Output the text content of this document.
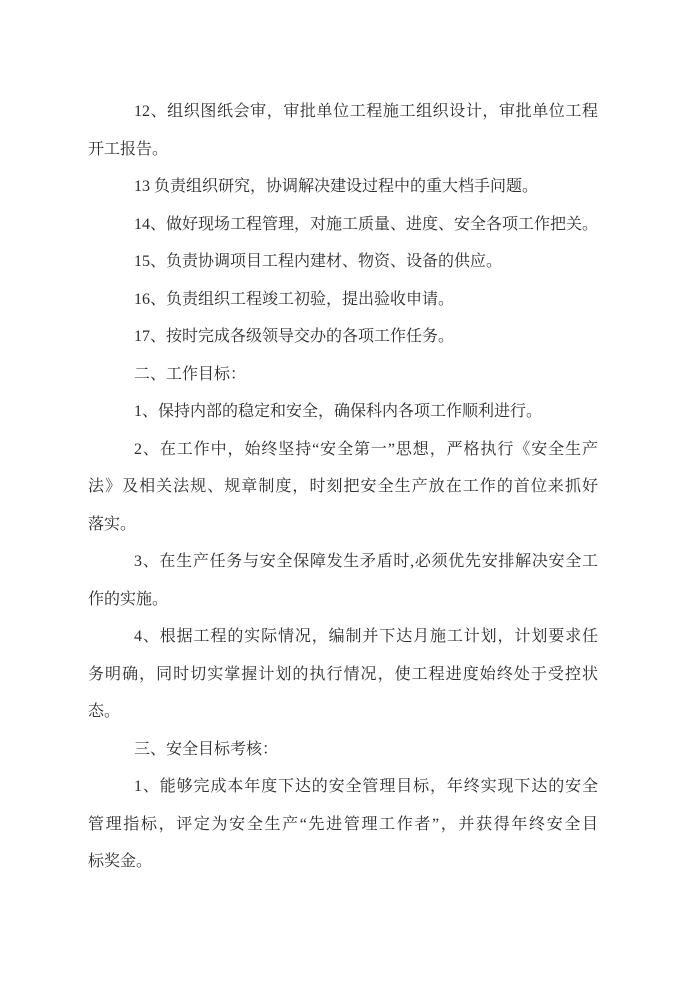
12、组织图纸会审，审批单位工程施工组织设计，审批单位工程
开工报告。
13 负责组织研究，协调解决建设过程中的重大档手问题。
14、做好现场工程管理，对施工质量、进度、安全各项工作把关。
15、负责协调项目工程内建材、物资、设备的供应。
16、负责组织工程竣工初验，提出验收申请。
17、按时完成各级领导交办的各项工作任务。
二、工作目标：
1、保持内部的稳定和安全，确保科内各项工作顺利进行。
2、在工作中，始终坚持“安全第一”思想，严格执行《安全生产
法》及相关法规、规章制度，时刻把安全生产放在工作的首位来抓好
落实。
3、在生产任务与安全保障发生矛盾时,必须优先安排解决安全工
作的实施。
4、根据工程的实际情况，编制并下达月施工计划，计划要求任
务明确，同时切实掌握计划的执行情况，使工程进度始终处于受控状
态。
三、安全目标考核：
1、能够完成本年度下达的安全管理目标，年终实现下达的安全
管理指标，评定为安全生产“先进管理工作者”，并获得年终安全目
标奖金。
